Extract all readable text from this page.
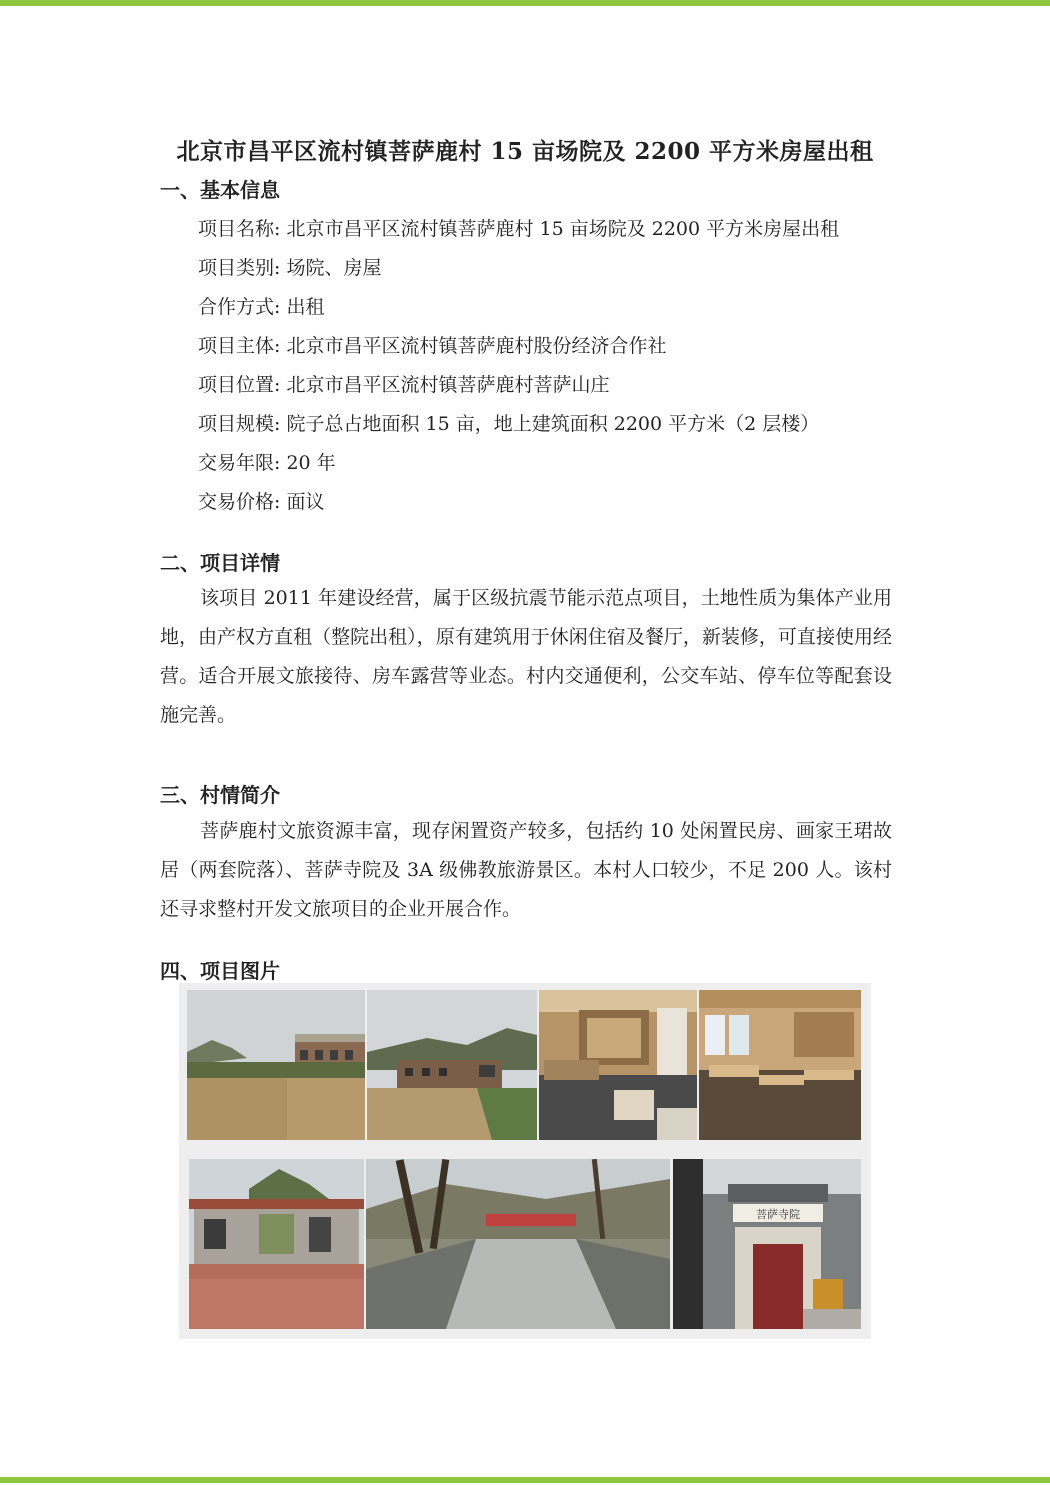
北京市昌平区流村镇菩萨鹿村 15 亩场院及 2200 平方米房屋出租
一、基本信息
项目名称: 北京市昌平区流村镇菩萨鹿村 15 亩场院及 2200 平方米房屋出租
项目类别: 场院、房屋
合作方式: 出租
项目主体: 北京市昌平区流村镇菩萨鹿村股份经济合作社
项目位置: 北京市昌平区流村镇菩萨鹿村菩萨山庄
项目规模: 院子总占地面积 15 亩，地上建筑面积 2200 平方米（2 层楼）
交易年限: 20 年
交易价格: 面议
二、项目详情
该项目 2011 年建设经营，属于区级抗震节能示范点项目，土地性质为集体产业用地，由产权方直租（整院出租），原有建筑用于休闲住宿及餐厅，新装修，可直接使用经营。适合开展文旅接待、房车露营等业态。村内交通便利，公交车站、停车位等配套设施完善。
三、村情简介
菩萨鹿村文旅资源丰富，现存闲置资产较多，包括约 10 处闲置民房、画家王珺故居（两套院落）、菩萨寺院及 3A 级佛教旅游景区。本村人口较少，不足 200 人。该村还寻求整村开发文旅项目的企业开展合作。
四、项目图片
菩萨寺院
